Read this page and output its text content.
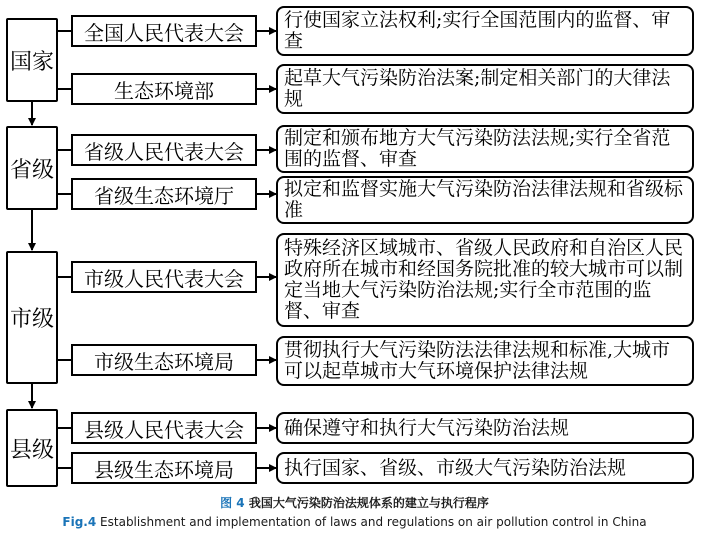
国家
省级
市级
县级
全国人民代表大会
生态环境部
省级人民代表大会
省级生态环境厅
市级人民代表大会
市级生态环境局
县级人民代表大会
县级生态环境局
行使国家立法权利;实行全国范围内的监督、审查
起草大气污染防治法案;制定相关部门的大律法规
制定和颁布地方大气污染防法法规;实行全省范围的监督、审查
拟定和监督实施大气污染防治法律法规和省级标准
特殊经济区域城市、省级人民政府和自治区人民政府所在城市和经国务院批准的较大城市可以制定当地大气污染防治法规;实行全市范围的监督、审查
贯彻执行大气污染防法法律法规和标准,大城市可以起草城市大气环境保护法律法规
确保遵守和执行大气污染防治法规
执行国家、省级、市级大气污染防治法规
图 4 我国大气污染防治法规体系的建立与执行程序
Fig.4 Establishment and implementation of laws and regulations on air pollution control in China
